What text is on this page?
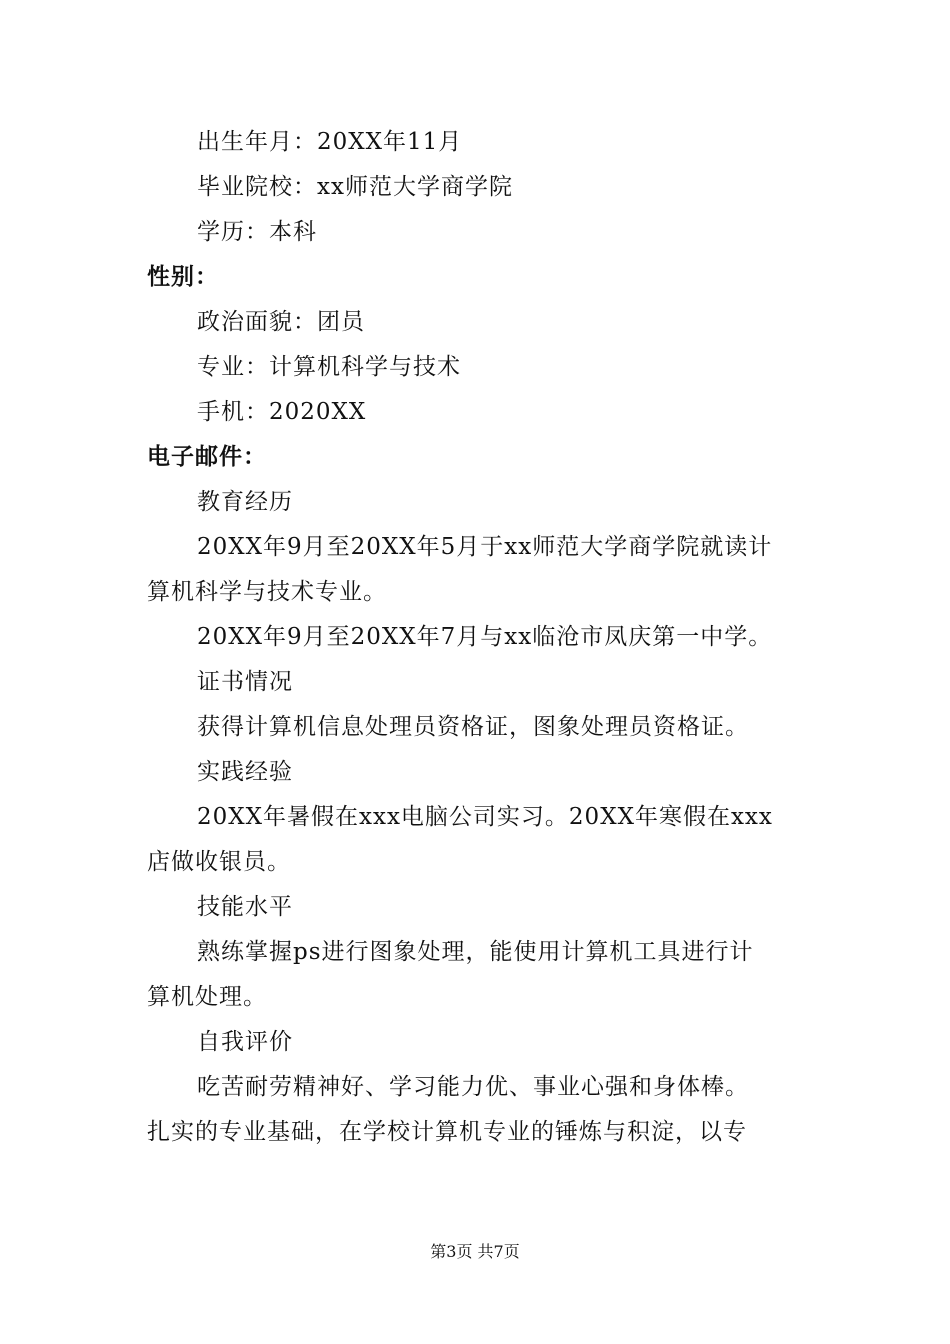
出生年月：20XX年11月
毕业院校：xx师范大学商学院
学历：本科
性别：
政治面貌：团员
专业：计算机科学与技术
手机：2020XX
电子邮件：
教育经历
20XX年9月至20XX年5月于xx师范大学商学院就读计
算机科学与技术专业。
20XX年9月至20XX年7月与xx临沧市凤庆第一中学。
证书情况
获得计算机信息处理员资格证，图象处理员资格证。
实践经验
20XX年暑假在xxx电脑公司实习。20XX年寒假在xxx
店做收银员。
技能水平
熟练掌握ps进行图象处理，能使用计算机工具进行计
算机处理。
自我评价
吃苦耐劳精神好、学习能力优、事业心强和身体棒。
扎实的专业基础，在学校计算机专业的锤炼与积淀，以专
第3页 共7页
